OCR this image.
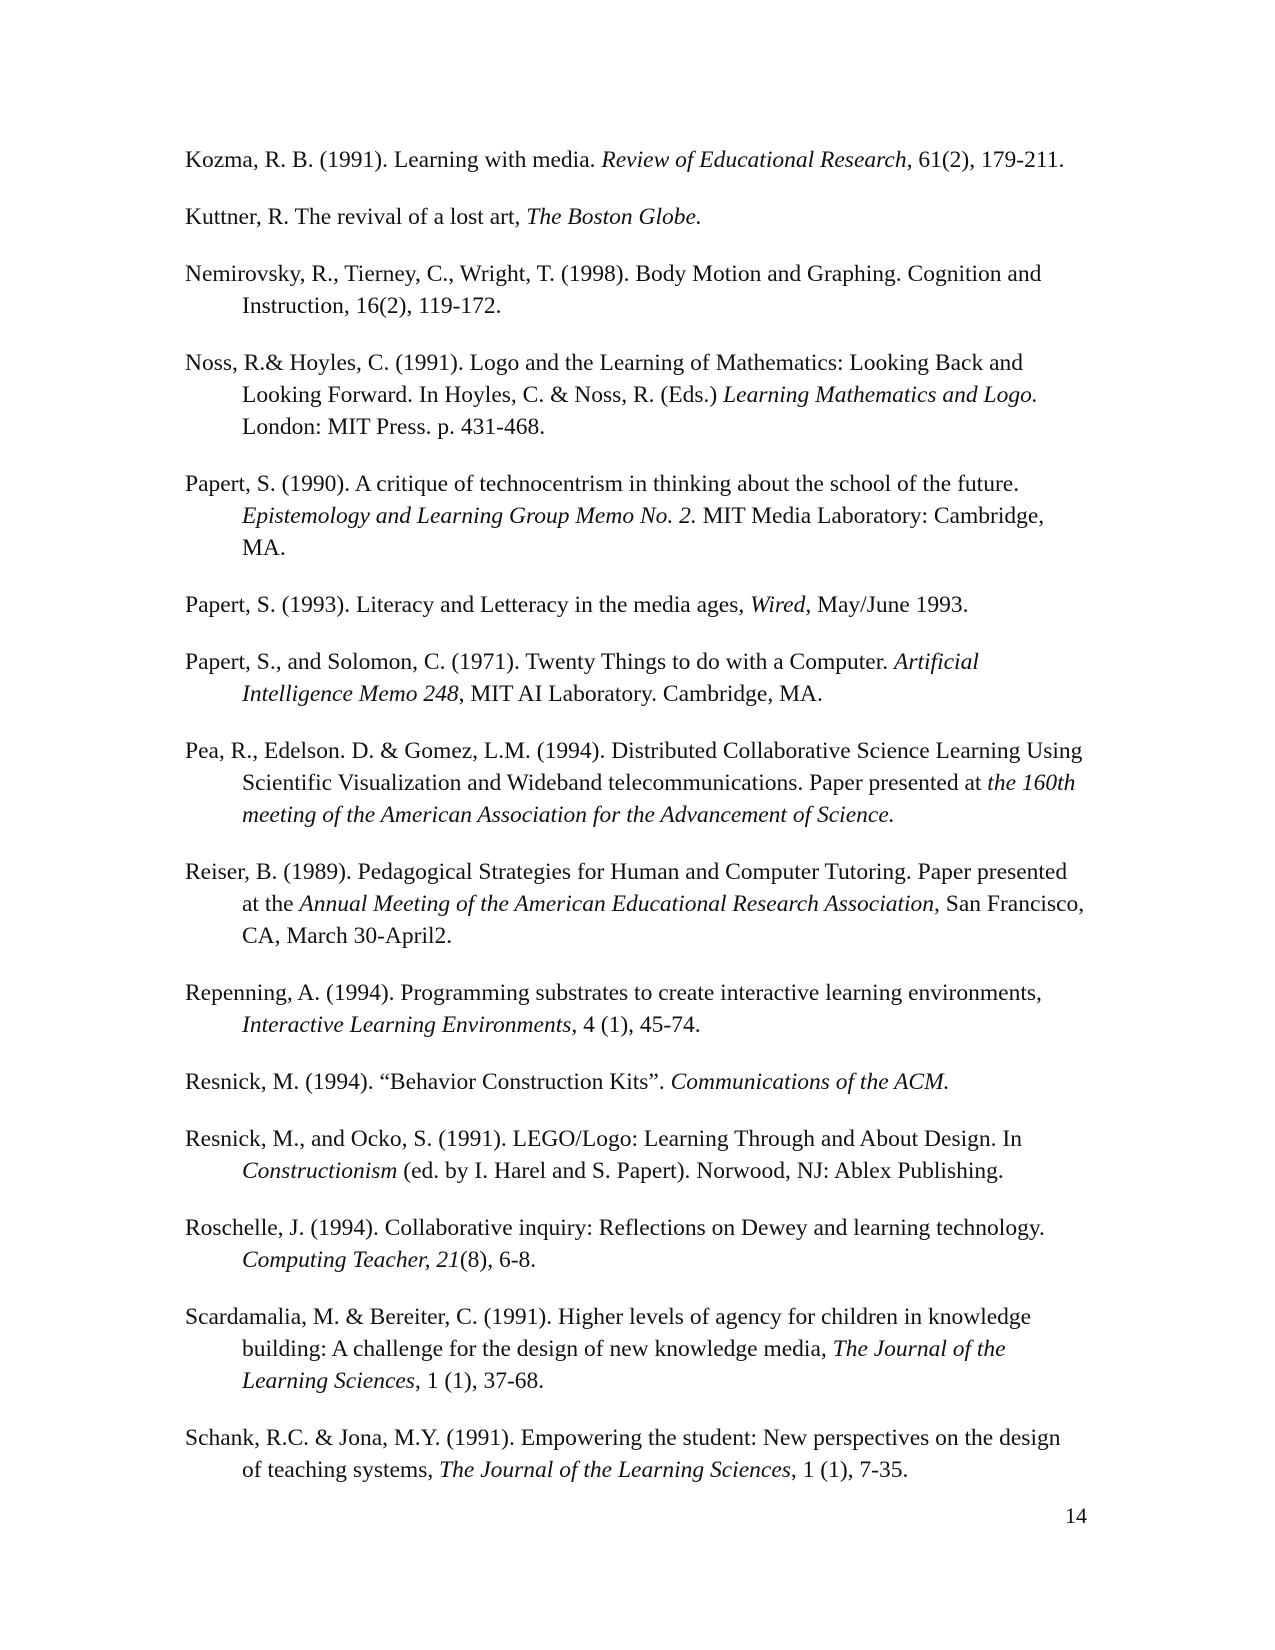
Kozma, R. B. (1991). Learning with media. Review of Educational Research, 61(2), 179-211.

Kuttner, R. The revival of a lost art, The Boston Globe.

Nemirovsky, R., Tierney, C., Wright, T. (1998). Body Motion and Graphing. Cognition and Instruction, 16(2), 119-172.

Noss, R.& Hoyles, C. (1991). Logo and the Learning of Mathematics: Looking Back and Looking Forward. In Hoyles, C. & Noss, R. (Eds.) Learning Mathematics and Logo. London: MIT Press. p. 431-468.

Papert, S. (1990). A critique of technocentrism in thinking about the school of the future. Epistemology and Learning Group Memo No. 2. MIT Media Laboratory: Cambridge, MA.

Papert, S. (1993). Literacy and Letteracy in the media ages, Wired, May/June 1993.

Papert, S., and Solomon, C. (1971). Twenty Things to do with a Computer. Artificial Intelligence Memo 248, MIT AI Laboratory. Cambridge, MA.

Pea, R., Edelson. D. & Gomez, L.M. (1994). Distributed Collaborative Science Learning Using Scientific Visualization and Wideband telecommunications. Paper presented at the 160th meeting of the American Association for the Advancement of Science.

Reiser, B. (1989). Pedagogical Strategies for Human and Computer Tutoring. Paper presented at the Annual Meeting of the American Educational Research Association, San Francisco, CA, March 30-April2.

Repenning, A. (1994). Programming substrates to create interactive learning environments, Interactive Learning Environments, 4 (1), 45-74.

Resnick, M. (1994). “Behavior Construction Kits”. Communications of the ACM.

Resnick, M., and Ocko, S. (1991). LEGO/Logo: Learning Through and About Design. In Constructionism (ed. by I. Harel and S. Papert). Norwood, NJ: Ablex Publishing.

Roschelle, J. (1994). Collaborative inquiry: Reflections on Dewey and learning technology. Computing Teacher, 21(8), 6-8.

Scardamalia, M. & Bereiter, C. (1991). Higher levels of agency for children in knowledge building: A challenge for the design of new knowledge media, The Journal of the Learning Sciences, 1 (1), 37-68.

Schank, R.C. & Jona, M.Y. (1991). Empowering the student: New perspectives on the design of teaching systems, The Journal of the Learning Sciences, 1 (1), 7-35.

14
